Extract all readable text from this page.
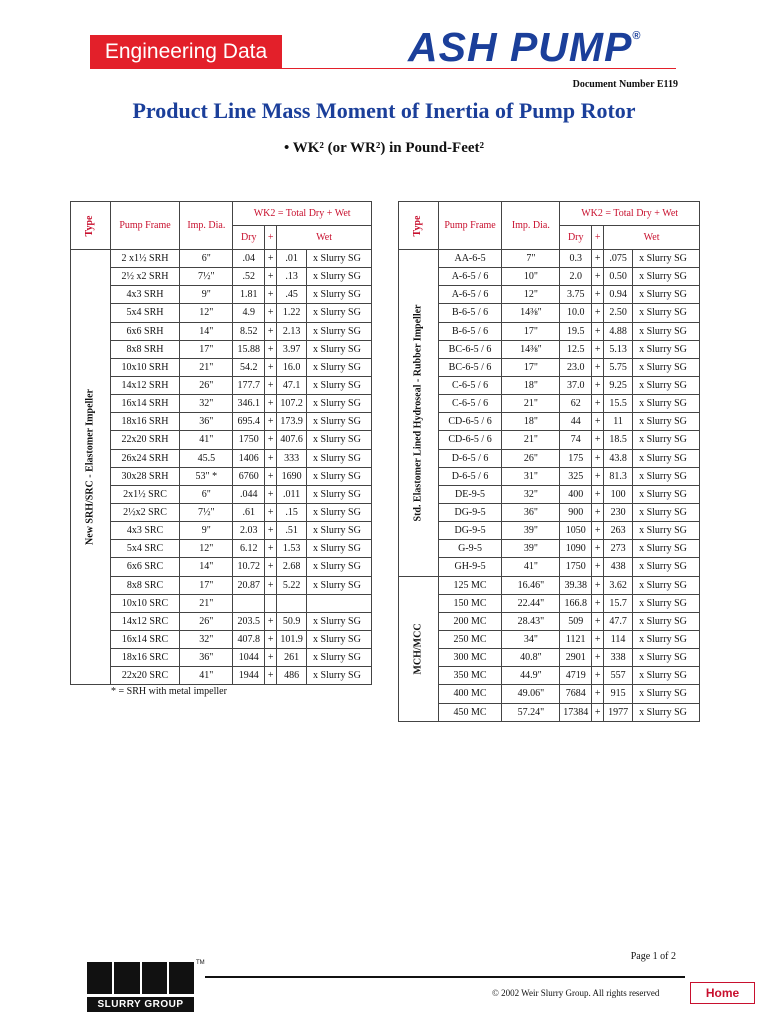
Engineering Data	ASH PUMP®
Document Number E119
Product Line Mass Moment of Inertia of Pump Rotor
• WK² (or WR²) in Pound-Feet²
Type	Pump Frame	Imp. Dia.	WK2 = Total Dry + Wet			
			Dry	+	Wet	

New SRH/SRC - Elastomer Impeller	2 x1½ SRH	6"	.04	+	.01	x Slurry SG
	2½ x2 SRH	7½"	.52	+	.13	x Slurry SG
	4x3 SRH	9"	1.81	+	.45	x Slurry SG
	5x4 SRH	12"	4.9	+	1.22	x Slurry SG
	6x6 SRH	14"	8.52	+	2.13	x Slurry SG
	8x8 SRH	17"	15.88	+	3.97	x Slurry SG
	10x10 SRH	21"	54.2	+	16.0	x Slurry SG
	14x12 SRH	26"	177.7	+	47.1	x Slurry SG
	16x14 SRH	32"	346.1	+	107.2	x Slurry SG
	18x16 SRH	36"	695.4	+	173.9	x Slurry SG
	22x20 SRH	41"	1750	+	407.6	x Slurry SG
	26x24 SRH	45.5	1406	+	333	x Slurry SG
	30x28 SRH	53" *	6760	+	1690	x Slurry SG
	2x1½ SRC	6"	.044	+	.011	x Slurry SG
	2½x2 SRC	7½"	.61	+	.15	x Slurry SG
	4x3 SRC	9"	2.03	+	.51	x Slurry SG
	5x4 SRC	12"	6.12	+	1.53	x Slurry SG
	6x6 SRC	14"	10.72	+	2.68	x Slurry SG
	8x8 SRC	17"	20.87	+	5.22	x Slurry SG
	10x10 SRC	21"				
	14x12 SRC	26"	203.5	+	50.9	x Slurry SG
	16x14 SRC	32"	407.8	+	101.9	x Slurry SG
	18x16 SRC	36"	1044	+	261	x Slurry SG
	22x20 SRC	41"	1944	+	486	x Slurry SG
* = SRH with metal impeller
Type	Pump Frame	Imp. Dia.	WK2 = Total Dry + Wet			
			Dry	+	Wet	

Std. Elastomer Lined Hydroseal - Rubber Impeller	AA-6-5	7"	0.3	+	.075	x Slurry SG
	A-6-5 / 6	10"	2.0	+	0.50	x Slurry SG
	A-6-5 / 6	12"	3.75	+	0.94	x Slurry SG
	B-6-5 / 6	14⅜"	10.0	+	2.50	x Slurry SG
	B-6-5 / 6	17"	19.5	+	4.88	x Slurry SG
	BC-6-5 / 6	14⅜"	12.5	+	5.13	x Slurry SG
	BC-6-5 / 6	17"	23.0	+	5.75	x Slurry SG
	C-6-5 / 6	18"	37.0	+	9.25	x Slurry SG
	C-6-5 / 6	21"	62	+	15.5	x Slurry SG
	CD-6-5 / 6	18"	44	+	11	x Slurry SG
	CD-6-5 / 6	21"	74	+	18.5	x Slurry SG
	D-6-5 / 6	26"	175	+	43.8	x Slurry SG
	D-6-5 / 6	31"	325	+	81.3	x Slurry SG
	DE-9-5	32"	400	+	100	x Slurry SG
	DG-9-5	36"	900	+	230	x Slurry SG
	DG-9-5	39"	1050	+	263	x Slurry SG
	G-9-5	39"	1090	+	273	x Slurry SG
	GH-9-5	41"	1750	+	438	x Slurry SG

MCH/MCC	125 MC	16.46"	39.38	+	3.62	x Slurry SG
	150 MC	22.44"	166.8	+	15.7	x Slurry SG
	200 MC	28.43"	509	+	47.7	x Slurry SG
	250 MC	34"	1121	+	114	x Slurry SG
	300 MC	40.8"	2901	+	338	x Slurry SG
	350 MC	44.9"	4719	+	557	x Slurry SG
	400 MC	49.06"	7684	+	915	x Slurry SG
	450 MC	57.24"	17384	+	1977	x Slurry SG
Page 1 of 2
SLURRY GROUP
TM
© 2002 Weir Slurry Group. All rights reserved	Home
